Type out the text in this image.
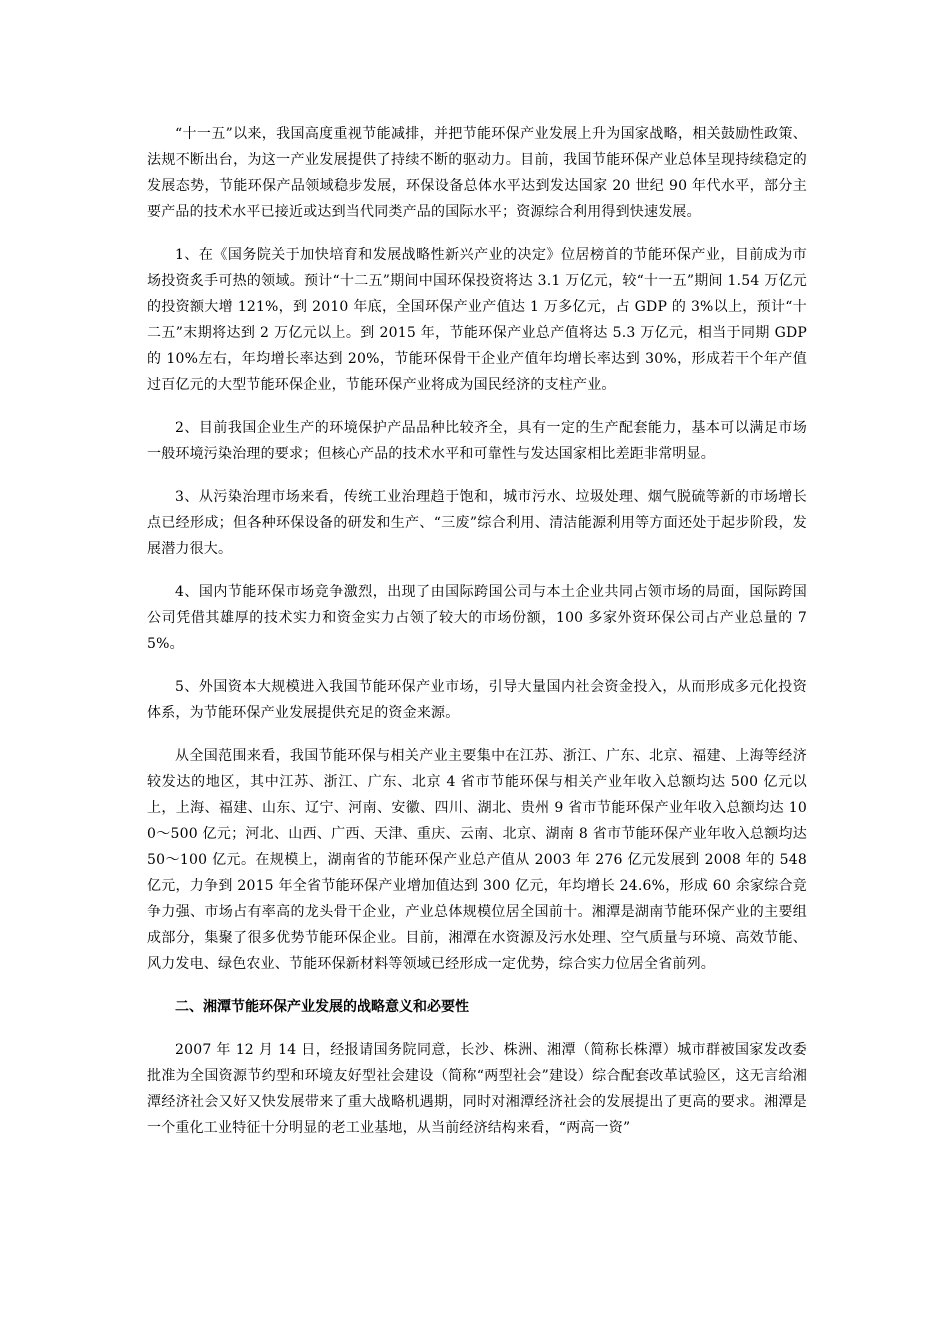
“十一五”以来，我国高度重视节能减排，并把节能环保产业发展上升为国家战略，相关鼓励性政策、法规不断出台，为这一产业发展提供了持续不断的驱动力。目前，我国节能环保产业总体呈现持续稳定的发展态势，节能环保产品领域稳步发展，环保设备总体水平达到发达国家 20 世纪 90 年代水平，部分主要产品的技术水平已接近或达到当代同类产品的国际水平；资源综合利用得到快速发展。

1、在《国务院关于加快培育和发展战略性新兴产业的决定》位居榜首的节能环保产业，目前成为市场投资炙手可热的领域。预计“十二五”期间中国环保投资将达 3.1 万亿元，较“十一五”期间 1.54 万亿元的投资额大增 121%，到 2010 年底，全国环保产业产值达 1 万多亿元，占 GDP 的 3%以上，预计“十二五”末期将达到 2 万亿元以上。到 2015 年，节能环保产业总产值将达 5.3 万亿元，相当于同期 GDP 的 10%左右，年均增长率达到 20%，节能环保骨干企业产值年均增长率达到 30%，形成若干个年产值过百亿元的大型节能环保企业，节能环保产业将成为国民经济的支柱产业。

2、目前我国企业生产的环境保护产品品种比较齐全，具有一定的生产配套能力，基本可以满足市场一般环境污染治理的要求；但核心产品的技术水平和可靠性与发达国家相比差距非常明显。

3、从污染治理市场来看，传统工业治理趋于饱和，城市污水、垃圾处理、烟气脱硫等新的市场增长点已经形成；但各种环保设备的研发和生产、“三废”综合利用、清洁能源利用等方面还处于起步阶段，发展潜力很大。

4、国内节能环保市场竞争激烈，出现了由国际跨国公司与本土企业共同占领市场的局面，国际跨国公司凭借其雄厚的技术实力和资金实力占领了较大的市场份额，100 多家外资环保公司占产业总量的 75%。

5、外国资本大规模进入我国节能环保产业市场，引导大量国内社会资金投入，从而形成多元化投资体系，为节能环保产业发展提供充足的资金来源。

从全国范围来看，我国节能环保与相关产业主要集中在江苏、浙江、广东、北京、福建、上海等经济较发达的地区，其中江苏、浙江、广东、北京 4 省市节能环保与相关产业年收入总额均达 500 亿元以上，上海、福建、山东、辽宁、河南、安徽、四川、湖北、贵州 9 省市节能环保产业年收入总额均达 100～500 亿元；河北、山西、广西、天津、重庆、云南、北京、湖南 8 省市节能环保产业年收入总额均达 50～100 亿元。在规模上，湖南省的节能环保产业总产值从 2003 年 276 亿元发展到 2008 年的 548 亿元，力争到 2015 年全省节能环保产业增加值达到 300 亿元，年均增长 24.6%，形成 60 余家综合竞争力强、市场占有率高的龙头骨干企业，产业总体规模位居全国前十。湘潭是湖南节能环保产业的主要组成部分，集聚了很多优势节能环保企业。目前，湘潭在水资源及污水处理、空气质量与环境、高效节能、风力发电、绿色农业、节能环保新材料等领域已经形成一定优势，综合实力位居全省前列。

二、湘潭节能环保产业发展的战略意义和必要性

2007 年 12 月 14 日，经报请国务院同意，长沙、株洲、湘潭（简称长株潭）城市群被国家发改委批准为全国资源节约型和环境友好型社会建设（简称“两型社会”建设）综合配套改革试验区，这无言给湘潭经济社会又好又快发展带来了重大战略机遇期，同时对湘潭经济社会的发展提出了更高的要求。湘潭是一个重化工业特征十分明显的老工业基地，从当前经济结构来看，“两高一资”
